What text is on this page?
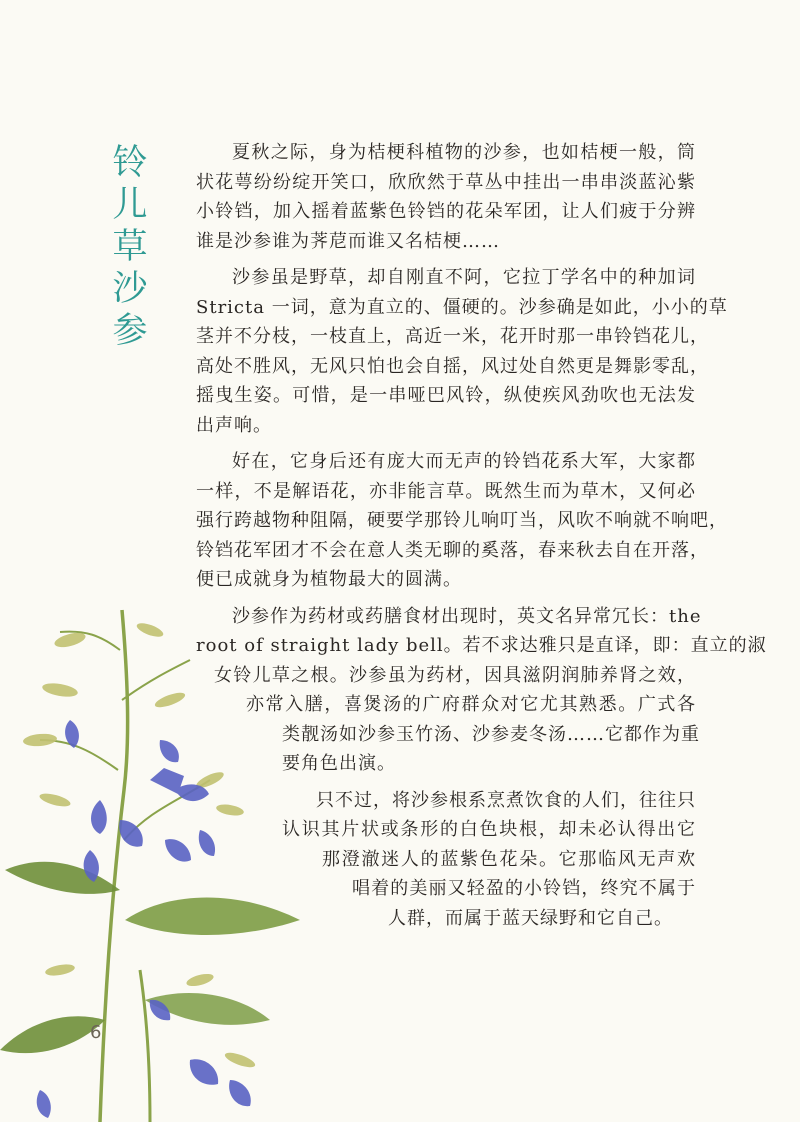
铃儿草沙参
夏秋之际，身为桔梗科植物的沙参，也如桔梗一般，筒
状花萼纷纷绽开笑口，欣欣然于草丛中挂出一串串淡蓝沁紫
小铃铛，加入摇着蓝紫色铃铛的花朵军团，让人们疲于分辨
谁是沙参谁为荠苨而谁又名桔梗……
沙参虽是野草，却自刚直不阿，它拉丁学名中的种加词
Stricta 一词，意为直立的、僵硬的。沙参确是如此，小小的草
茎并不分枝，一枝直上，高近一米，花开时那一串铃铛花儿，
高处不胜风，无风只怕也会自摇，风过处自然更是舞影零乱，
摇曳生姿。可惜，是一串哑巴风铃，纵使疾风劲吹也无法发
出声响。
好在，它身后还有庞大而无声的铃铛花系大军，大家都
一样，不是解语花，亦非能言草。既然生而为草木，又何必
强行跨越物种阻隔，硬要学那铃儿响叮当，风吹不响就不响吧，
铃铛花军团才不会在意人类无聊的奚落，春来秋去自在开落，
便已成就身为植物最大的圆满。
沙参作为药材或药膳食材出现时，英文名异常冗长：the
root of straight lady bell。若不求达雅只是直译，即：直立的淑
女铃儿草之根。沙参虽为药材，因具滋阴润肺养肾之效，
亦常入膳，喜煲汤的广府群众对它尤其熟悉。广式各
类靓汤如沙参玉竹汤、沙参麦冬汤……它都作为重
要角色出演。
只不过，将沙参根系烹煮饮食的人们，往往只
认识其片状或条形的白色块根，却未必认得出它
那澄澈迷人的蓝紫色花朵。它那临风无声欢
唱着的美丽又轻盈的小铃铛，终究不属于
人群，而属于蓝天绿野和它自己。
6
